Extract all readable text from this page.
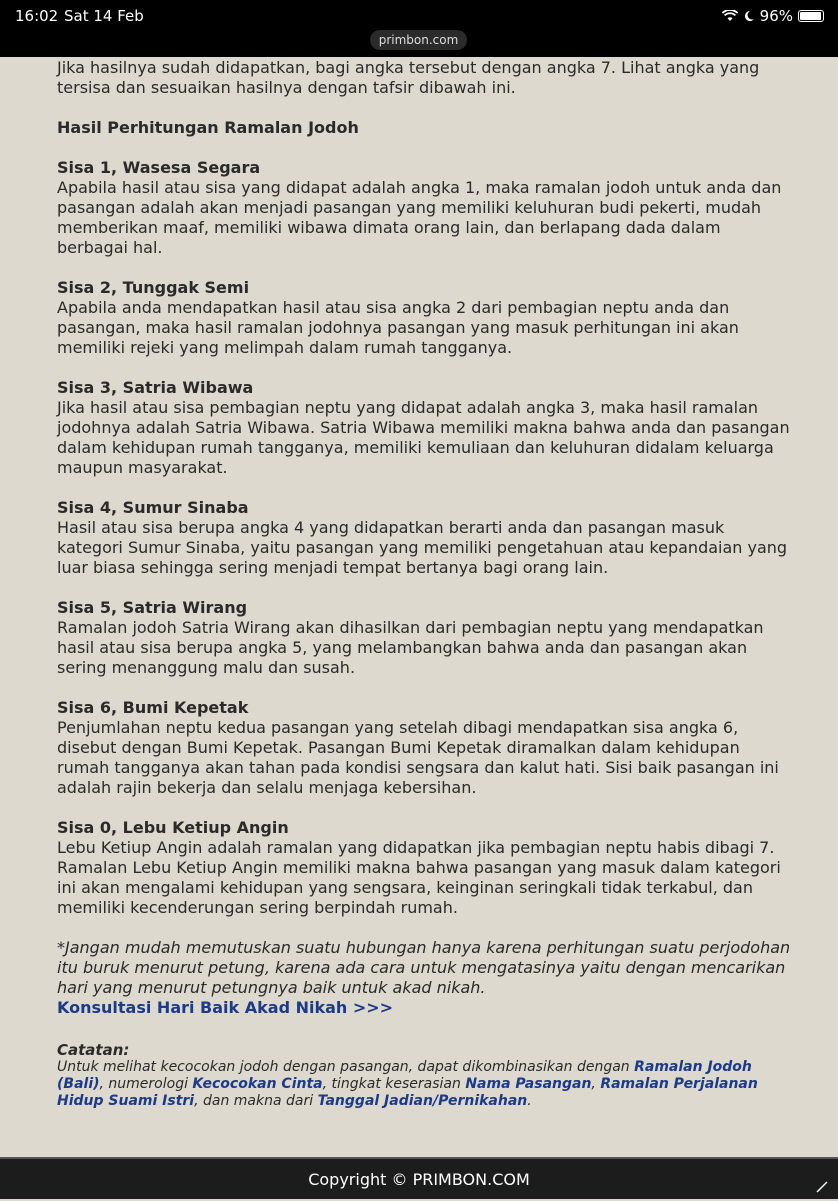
16:02 Sat 14 Feb	96%
primbon.com

Jika hasilnya sudah didapatkan, bagi angka tersebut dengan angka 7. Lihat angka yang tersisa dan sesuaikan hasilnya dengan tafsir dibawah ini.

Hasil Perhitungan Ramalan Jodoh

Sisa 1, Wasesa Segara

Apabila hasil atau sisa yang didapat adalah angka 1, maka ramalan jodoh untuk anda dan pasangan adalah akan menjadi pasangan yang memiliki keluhuran budi pekerti, mudah memberikan maaf, memiliki wibawa dimata orang lain, dan berlapang dada dalam berbagai hal.

Sisa 2, Tunggak Semi

Apabila anda mendapatkan hasil atau sisa angka 2 dari pembagian neptu anda dan pasangan, maka hasil ramalan jodohnya pasangan yang masuk perhitungan ini akan memiliki rejeki yang melimpah dalam rumah tangganya.

Sisa 3, Satria Wibawa

Jika hasil atau sisa pembagian neptu yang didapat adalah angka 3, maka hasil ramalan jodohnya adalah Satria Wibawa. Satria Wibawa memiliki makna bahwa anda dan pasangan dalam kehidupan rumah tangganya, memiliki kemuliaan dan keluhuran didalam keluarga maupun masyarakat.

Sisa 4, Sumur Sinaba

Hasil atau sisa berupa angka 4 yang didapatkan berarti anda dan pasangan masuk kategori Sumur Sinaba, yaitu pasangan yang memiliki pengetahuan atau kepandaian yang luar biasa sehingga sering menjadi tempat bertanya bagi orang lain.

Sisa 5, Satria Wirang

Ramalan jodoh Satria Wirang akan dihasilkan dari pembagian neptu yang mendapatkan hasil atau sisa berupa angka 5, yang melambangkan bahwa anda dan pasangan akan sering menanggung malu dan susah.

Sisa 6, Bumi Kepetak

Penjumlahan neptu kedua pasangan yang setelah dibagi mendapatkan sisa angka 6, disebut dengan Bumi Kepetak. Pasangan Bumi Kepetak diramalkan dalam kehidupan rumah tangganya akan tahan pada kondisi sengsara dan kalut hati. Sisi baik pasangan ini adalah rajin bekerja dan selalu menjaga kebersihan.

Sisa 0, Lebu Ketiup Angin

Lebu Ketiup Angin adalah ramalan yang didapatkan jika pembagian neptu habis dibagi 7. Ramalan Lebu Ketiup Angin memiliki makna bahwa pasangan yang masuk dalam kategori ini akan mengalami kehidupan yang sengsara, keinginan seringkali tidak terkabul, dan memiliki kecenderungan sering berpindah rumah.

*Jangan mudah memutuskan suatu hubungan hanya karena perhitungan suatu perjodohan itu buruk menurut petung, karena ada cara untuk mengatasinya yaitu dengan mencarikan hari yang menurut petungnya baik untuk akad nikah.

Konsultasi Hari Baik Akad Nikah >>>

Catatan:
Untuk melihat kecocokan jodoh dengan pasangan, dapat dikombinasikan dengan Ramalan Jodoh (Bali), numerologi Kecocokan Cinta, tingkat keserasian Nama Pasangan, Ramalan Perjalanan Hidup Suami Istri, dan makna dari Tanggal Jadian/Pernikahan.
Copyright © PRIMBON.COM
